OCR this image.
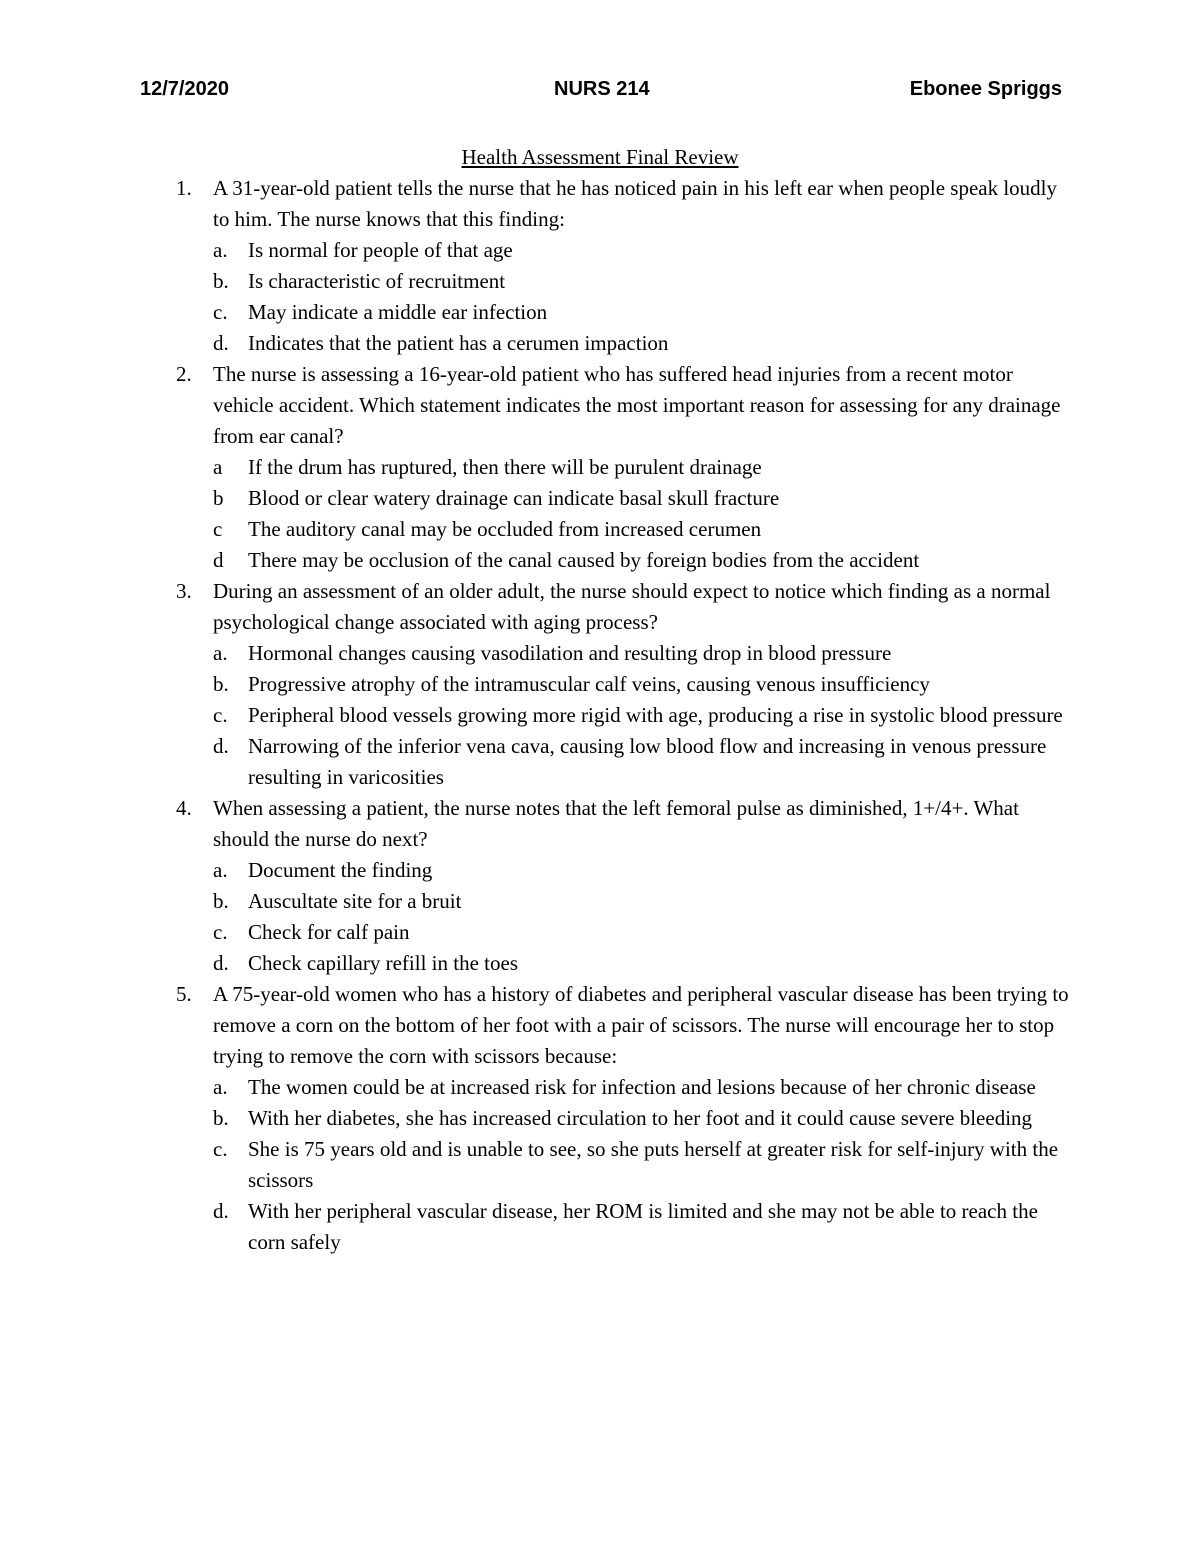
12/7/2020	NURS 214	Ebonee Spriggs
Health Assessment Final Review
1. A 31-year-old patient tells the nurse that he has noticed pain in his left ear when people speak loudly to him. The nurse knows that this finding:
a. Is normal for people of that age
b. Is characteristic of recruitment
c. May indicate a middle ear infection
d. Indicates that the patient has a cerumen impaction
2. The nurse is assessing a 16-year-old patient who has suffered head injuries from a recent motor vehicle accident. Which statement indicates the most important reason for assessing for any drainage from ear canal?
a If the drum has ruptured, then there will be purulent drainage
b Blood or clear watery drainage can indicate basal skull fracture
c The auditory canal may be occluded from increased cerumen
d There may be occlusion of the canal caused by foreign bodies from the accident
3. During an assessment of an older adult, the nurse should expect to notice which finding as a normal psychological change associated with aging process?
a. Hormonal changes causing vasodilation and resulting drop in blood pressure
b. Progressive atrophy of the intramuscular calf veins, causing venous insufficiency
c. Peripheral blood vessels growing more rigid with age, producing a rise in systolic blood pressure
d. Narrowing of the inferior vena cava, causing low blood flow and increasing in venous pressure resulting in varicosities
4. When assessing a patient, the nurse notes that the left femoral pulse as diminished, 1+/4+. What should the nurse do next?
a. Document the finding
b. Auscultate site for a bruit
c. Check for calf pain
d. Check capillary refill in the toes
5. A 75-year-old women who has a history of diabetes and peripheral vascular disease has been trying to remove a corn on the bottom of her foot with a pair of scissors. The nurse will encourage her to stop trying to remove the corn with scissors because:
a. The women could be at increased risk for infection and lesions because of her chronic disease
b. With her diabetes, she has increased circulation to her foot and it could cause severe bleeding
c. She is 75 years old and is unable to see, so she puts herself at greater risk for self-injury with the scissors
d. With her peripheral vascular disease, her ROM is limited and she may not be able to reach the corn safely
